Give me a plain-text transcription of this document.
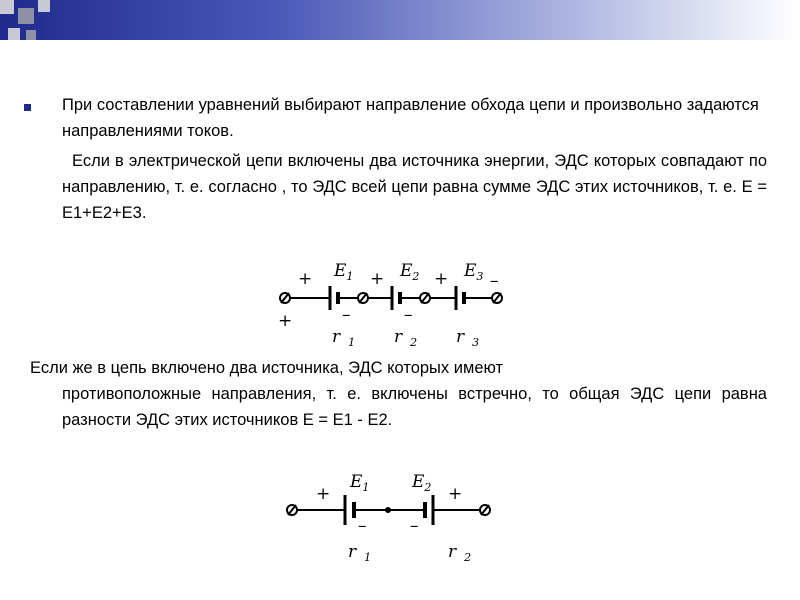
При составлении уравнений выбирают направление обхода цепи и произвольно задаются направлениями токов.

Если в электрической цепи включены два источника энергии, ЭДС которых совпадают по направлению, т. е. согласно , то ЭДС всей цепи равна сумме ЭДС этих источников, т. е. E = E1+E2+E3.

Если же в цепь включено два источника, ЭДС которых имеют
противоположные направления, т. е. включены встречно, то общая ЭДС цепи равна разности ЭДС этих источников E = E1 - E2.

+
+	–
+
–
+ –
$E_1$	$E_2$	$E_3$
r $_1$ r $_2$ r $_3$
+
–	–
+
$E_1$	$E_2$
r $_1$	r $_2$
